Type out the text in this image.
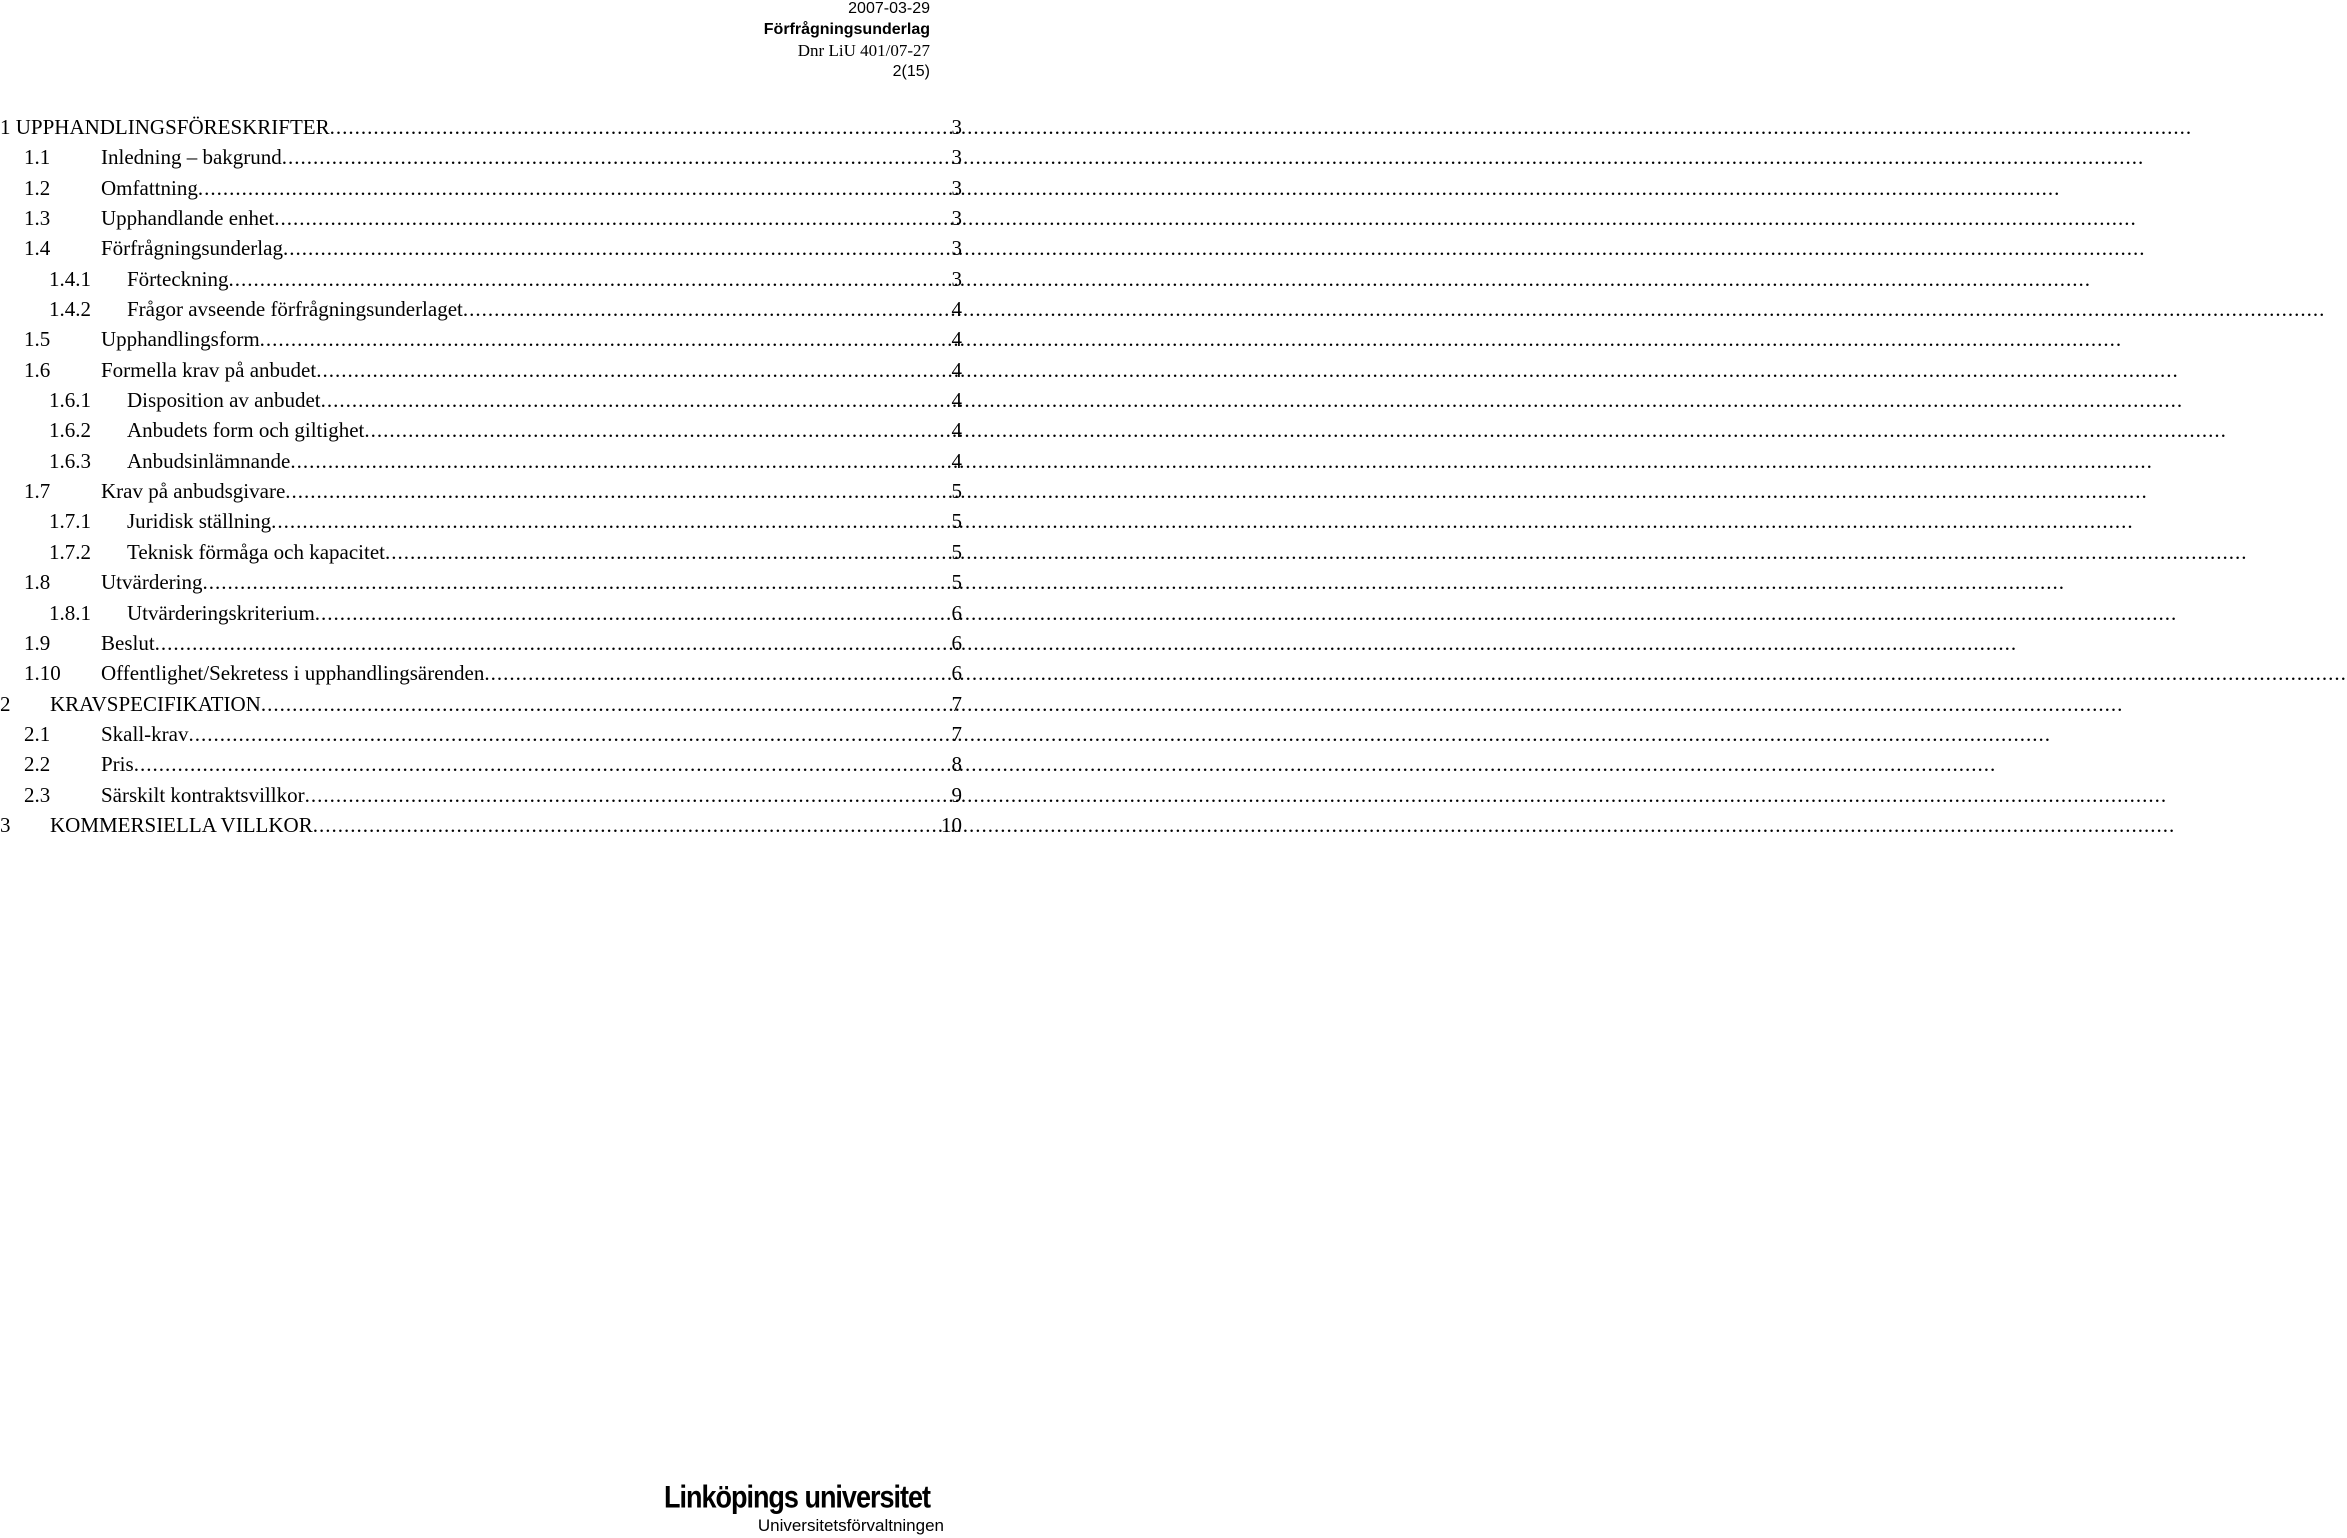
2007-03-29
Förfrågningsunderlag
Dnr LiU 401/07-27
2(15)
1 UPPHANDLINGSFÖRESKRIFTER .....	3
1.1	Inledning – bakgrund .....	3
1.2	Omfattning .....	3
1.3	Upphandlande enhet .....	3
1.4	Förfrågningsunderlag .....	3
1.4.1	Förteckning .....	3
1.4.2	Frågor avseende förfrågningsunderlaget .....	4
1.5	Upphandlingsform .....	4
1.6	Formella krav på anbudet .....	4
1.6.1	Disposition av anbudet .....	4
1.6.2	Anbudets form och giltighet .....	4
1.6.3	Anbudsinlämnande .....	4
1.7	Krav på anbudsgivare .....	5
1.7.1	Juridisk ställning .....	5
1.7.2	Teknisk förmåga och kapacitet .....	5
1.8	Utvärdering .....	5
1.8.1	Utvärderingskriterium .....	6
1.9	Beslut .....	6
1.10	Offentlighet/Sekretess i upphandlingsärenden .....	6
2	KRAVSPECIFIKATION .....	7
2.1	Skall-krav .....	7
2.2	Pris .....	8
2.3	Särskilt kontraktsvillkor .....	9
3	KOMMERSIELLA VILLKOR .....	10
Linköpings universitet
Universitetsförvaltningen
